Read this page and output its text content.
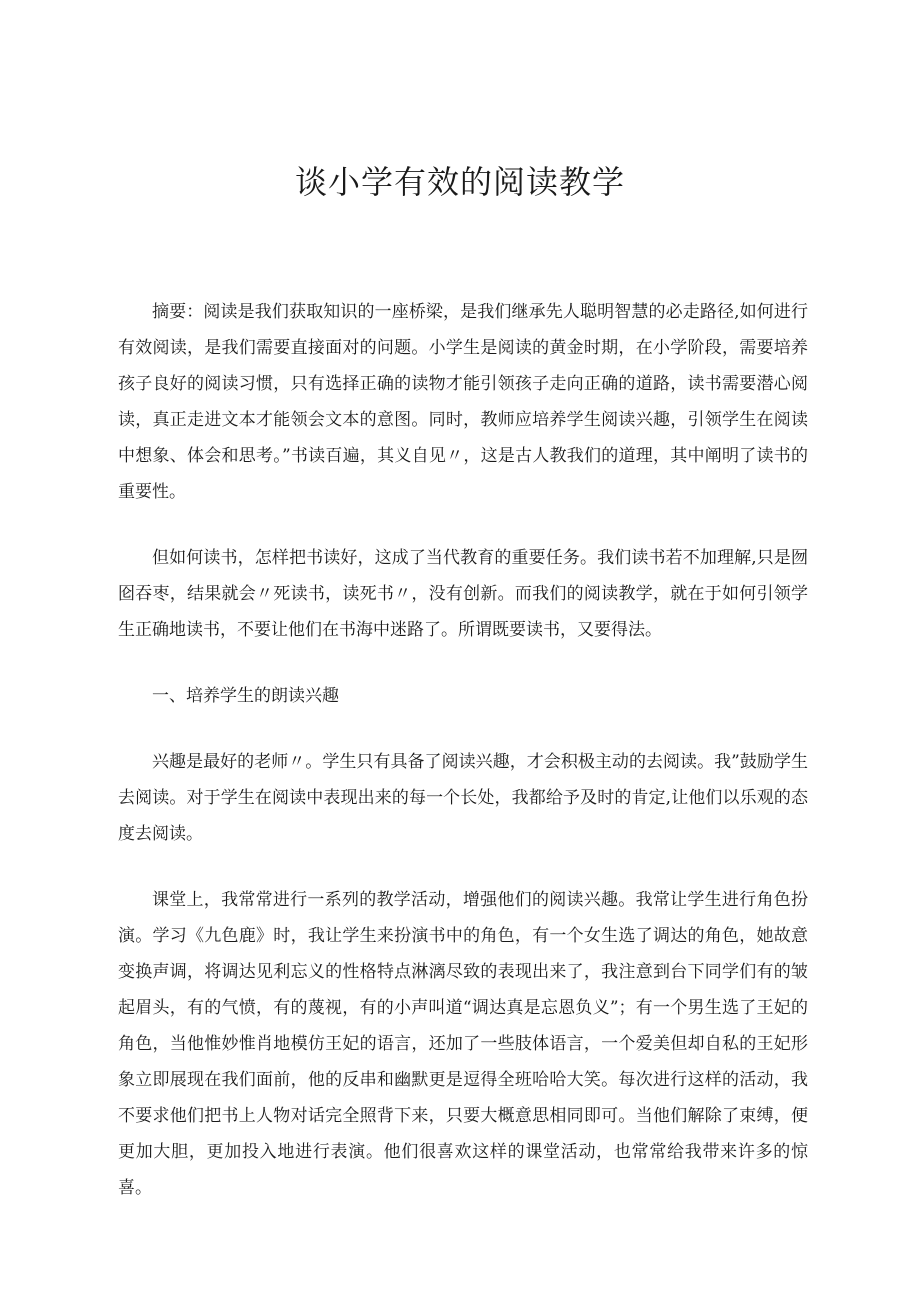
谈小学有效的阅读教学

摘要：阅读是我们获取知识的一座桥梁，是我们继承先人聪明智慧的必走路径,如何进行有效阅读，是我们需要直接面对的问题。小学生是阅读的黄金时期，在小学阶段，需要培养孩子良好的阅读习惯，只有选择正确的读物才能引领孩子走向正确的道路，读书需要潜心阅读，真正走进文本才能领会文本的意图。同时，教师应培养学生阅读兴趣，引领学生在阅读中想象、体会和思考。”书读百遍，其义自见〃，这是古人教我们的道理，其中阐明了读书的重要性。

但如何读书，怎样把书读好，这成了当代教育的重要任务。我们读书若不加理解,只是囫囵吞枣，结果就会〃死读书，读死书〃，没有创新。而我们的阅读教学，就在于如何引领学生正确地读书，不要让他们在书海中迷路了。所谓既要读书，又要得法。

一、培养学生的朗读兴趣

兴趣是最好的老师〃。学生只有具备了阅读兴趣，才会积极主动的去阅读。我”鼓励学生去阅读。对于学生在阅读中表现出来的每一个长处，我都给予及时的肯定,让他们以乐观的态度去阅读。

课堂上，我常常进行一系列的教学活动，增强他们的阅读兴趣。我常让学生进行角色扮演。学习《九色鹿》时，我让学生来扮演书中的角色，有一个女生选了调达的角色，她故意变换声调，将调达见利忘义的性格特点淋漓尽致的表现出来了，我注意到台下同学们有的皱起眉头，有的气愤，有的蔑视，有的小声叫道“调达真是忘恩负义”；有一个男生选了王妃的角色，当他惟妙惟肖地模仿王妃的语言，还加了一些肢体语言，一个爱美但却自私的王妃形象立即展现在我们面前，他的反串和幽默更是逗得全班哈哈大笑。每次进行这样的活动，我不要求他们把书上人物对话完全照背下来，只要大概意思相同即可。当他们解除了束缚，便更加大胆，更加投入地进行表演。他们很喜欢这样的课堂活动，也常常给我带来许多的惊喜。
